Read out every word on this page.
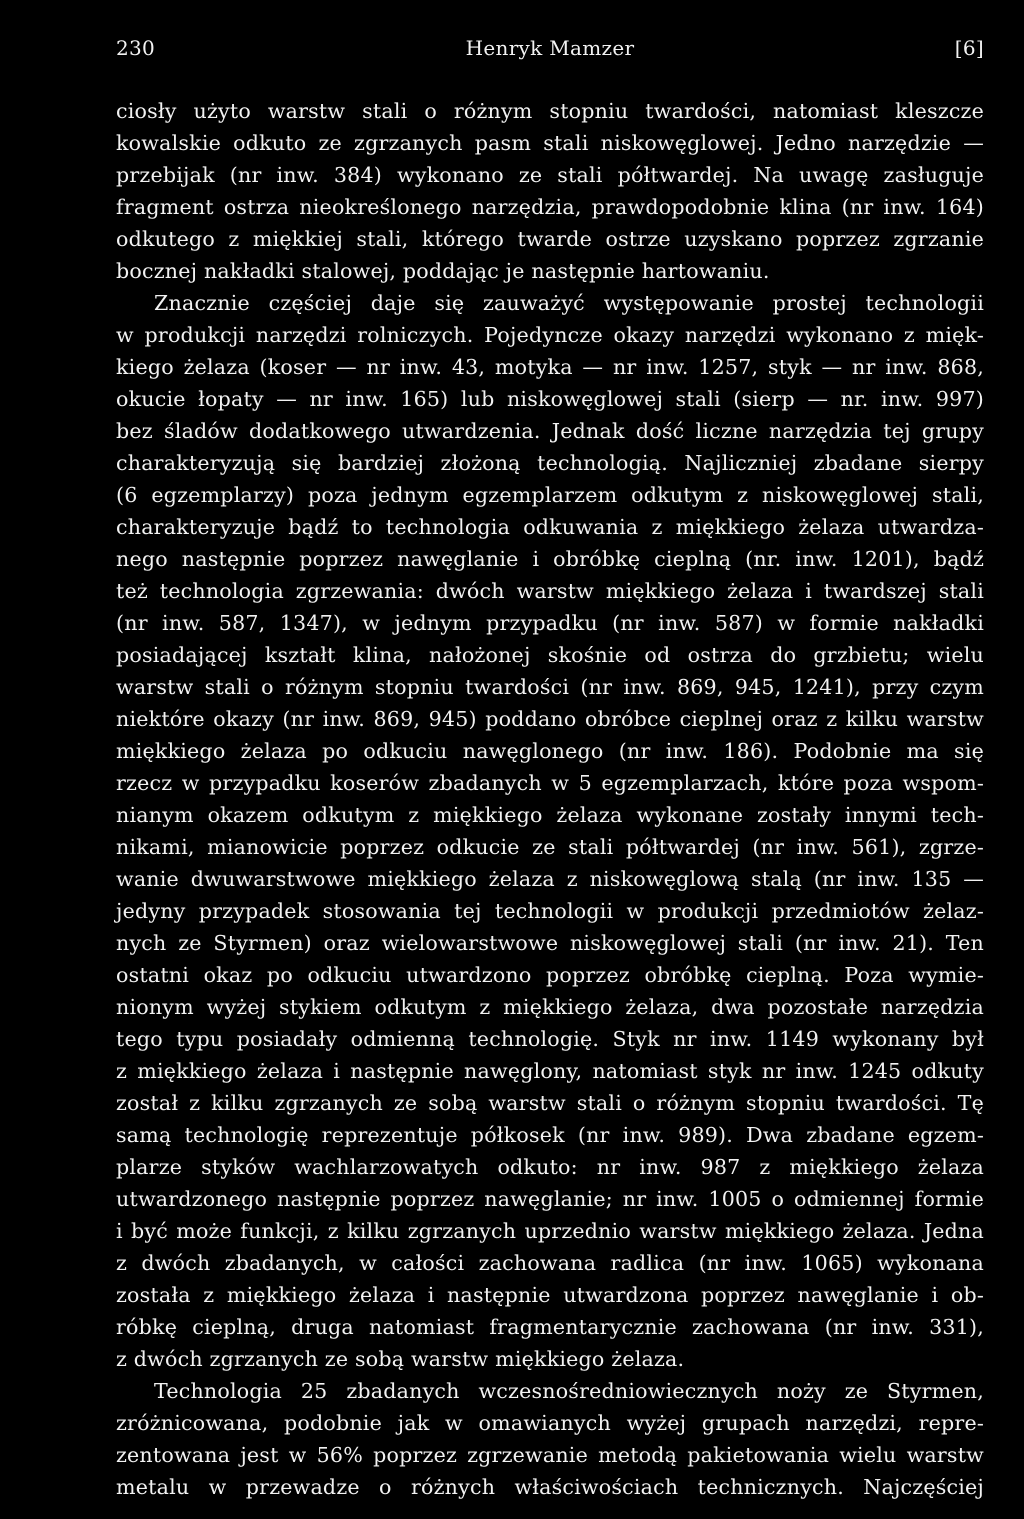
230	Henryk Mamzer	[6]
ciosły użyto warstw stali o różnym stopniu twardości, natomiast kleszcze
kowalskie odkuto ze zgrzanych pasm stali niskowęglowej. Jedno narzędzie —
przebijak (nr inw. 384) wykonano ze stali półtwardej. Na uwagę zasługuje
fragment ostrza nieokreślonego narzędzia, prawdopodobnie klina (nr inw. 164)
odkutego z miękkiej stali, którego twarde ostrze uzyskano poprzez zgrzanie
bocznej nakładki stalowej, poddając je następnie hartowaniu.
Znacznie częściej daje się zauważyć występowanie prostej technologii
w produkcji narzędzi rolniczych. Pojedyncze okazy narzędzi wykonano z mięk-
kiego żelaza (koser — nr inw. 43, motyka — nr inw. 1257, styk — nr inw. 868,
okucie łopaty — nr inw. 165) lub niskowęglowej stali (sierp — nr. inw. 997)
bez śladów dodatkowego utwardzenia. Jednak dość liczne narzędzia tej grupy
charakteryzują się bardziej złożoną technologią. Najliczniej zbadane sierpy
(6 egzemplarzy) poza jednym egzemplarzem odkutym z niskowęglowej stali,
charakteryzuje bądź to technologia odkuwania z miękkiego żelaza utwardza-
nego następnie poprzez nawęglanie i obróbkę cieplną (nr. inw. 1201), bądź
też technologia zgrzewania: dwóch warstw miękkiego żelaza i twardszej stali
(nr inw. 587, 1347), w jednym przypadku (nr inw. 587) w formie nakładki
posiadającej kształt klina, nałożonej skośnie od ostrza do grzbietu; wielu
warstw stali o różnym stopniu twardości (nr inw. 869, 945, 1241), przy czym
niektóre okazy (nr inw. 869, 945) poddano obróbce cieplnej oraz z kilku warstw
miękkiego żelaza po odkuciu nawęglonego (nr inw. 186). Podobnie ma się
rzecz w przypadku koserów zbadanych w 5 egzemplarzach, które poza wspom-
nianym okazem odkutym z miękkiego żelaza wykonane zostały innymi tech-
nikami, mianowicie poprzez odkucie ze stali półtwardej (nr inw. 561), zgrze-
wanie dwuwarstwowe miękkiego żelaza z niskowęglową stalą (nr inw. 135 —
jedyny przypadek stosowania tej technologii w produkcji przedmiotów żelaz-
nych ze Styrmen) oraz wielowarstwowe niskowęglowej stali (nr inw. 21). Ten
ostatni okaz po odkuciu utwardzono poprzez obróbkę cieplną. Poza wymie-
nionym wyżej stykiem odkutym z miękkiego żelaza, dwa pozostałe narzędzia
tego typu posiadały odmienną technologię. Styk nr inw. 1149 wykonany był
z miękkiego żelaza i następnie nawęglony, natomiast styk nr inw. 1245 odkuty
został z kilku zgrzanych ze sobą warstw stali o różnym stopniu twardości. Tę
samą technologię reprezentuje półkosek (nr inw. 989). Dwa zbadane egzem-
plarze styków wachlarzowatych odkuto: nr inw. 987 z miękkiego żelaza
utwardzonego następnie poprzez nawęglanie; nr inw. 1005 o odmiennej formie
i być może funkcji, z kilku zgrzanych uprzednio warstw miękkiego żelaza. Jedna
z dwóch zbadanych, w całości zachowana radlica (nr inw. 1065) wykonana
została z miękkiego żelaza i następnie utwardzona poprzez nawęglanie i ob-
róbkę cieplną, druga natomiast fragmentarycznie zachowana (nr inw. 331),
z dwóch zgrzanych ze sobą warstw miękkiego żelaza.
Technologia 25 zbadanych wczesnośredniowiecznych noży ze Styrmen,
zróżnicowana, podobnie jak w omawianych wyżej grupach narzędzi, repre-
zentowana jest w 56% poprzez zgrzewanie metodą pakietowania wielu warstw
metalu w przewadze o różnych właściwościach technicznych. Najczęściej
